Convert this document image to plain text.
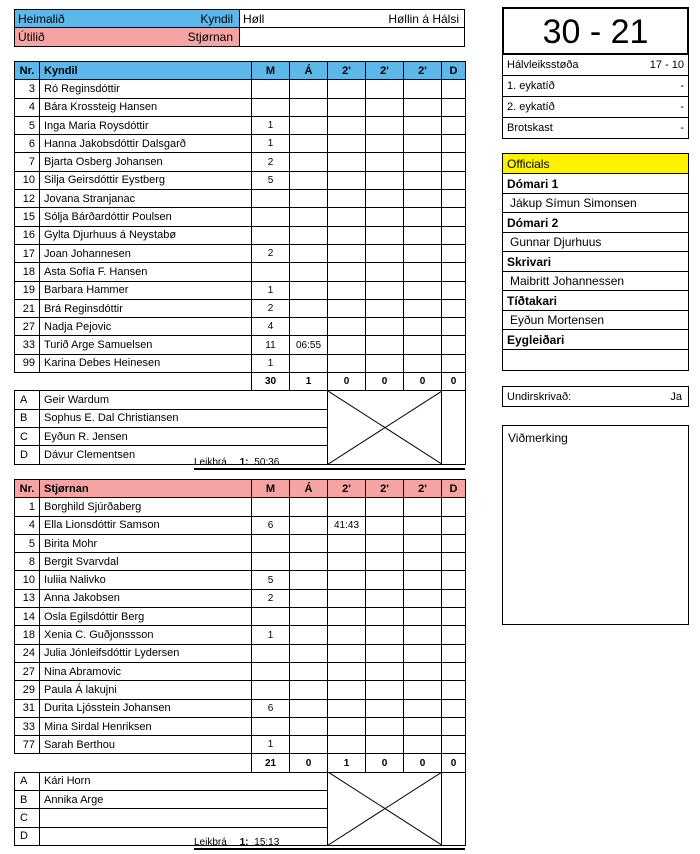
Heimalið	Kyndil
Útilið	Stjørnan
Høll	Høllin á Hálsi
Nr.	Kyndil	M	Á	2'	2'	2'	D
3	Ró Reginsdóttir						
4	Bára Krossteig Hansen						
5	Inga Maria Roysdóttir	1					
6	Hanna Jakobsdóttir Dalsgarð	1					
7	Bjarta Osberg Johansen	2					
10	Silja Geirsdóttir Eystberg	5					
12	Jovana Stranjanac						
15	Sólja Bárðardóttir Poulsen						
16	Gylta Djurhuus á Neystabø						
17	Joan Johannesen	2					
18	Asta Sofía F. Hansen						
19	Barbara Hammer	1					
21	Brá Reginsdóttir	2					
27	Nadja Pejovic	4					
33	Turið Arge Samuelsen	11	06:55				
99	Karina Debes Heinesen	1					
		30	1	0	0	0	0
A	Geir Wardum						
B	Sophus E. Dal Christiansen						
C	Eyðun R. Jensen						
D	Dávur Clementsen						
Nr.	Stjørnan	M	Á	2'	2'	2'	D
1	Borghild Sjúrðaberg						
4	Ella Lionsdóttir Samson	6		41:43			
5	Birita Mohr						
8	Bergit Svarvdal						
10	Iuliia Nalivko	5					
13	Anna Jakobsen	2					
14	Osla Egilsdóttir Berg						
18	Xenia C. Guðjonssson	1					
24	Julia Jónleifsdóttir Lydersen						
27	Nina Abramovic						
29	Paula Á lakujni						
31	Durita Ljósstein Johansen	6					
33	Mina Sirdal Henriksen						
77	Sarah Berthou	1					
		21	0	1	0	0	0
A	Kári Horn						
B	Annika Arge						
C							
D							
Leikbrá 1: 50:36
Leikbrá 1: 15:13
30 - 21
Hálvleiksstøða	17 - 10
1. eykatíð	-
2. eykatíð	-
Brotskast	-
Officials
Dómari 1
Jákup Símun Simonsen
Dómari 2
Gunnar Djurhuus
Skrivari
Maibritt Johannessen
Tíðtakari
Eyðun Mortensen
Eygleiðari
Undirskrivað:	Ja
Viðmerking
